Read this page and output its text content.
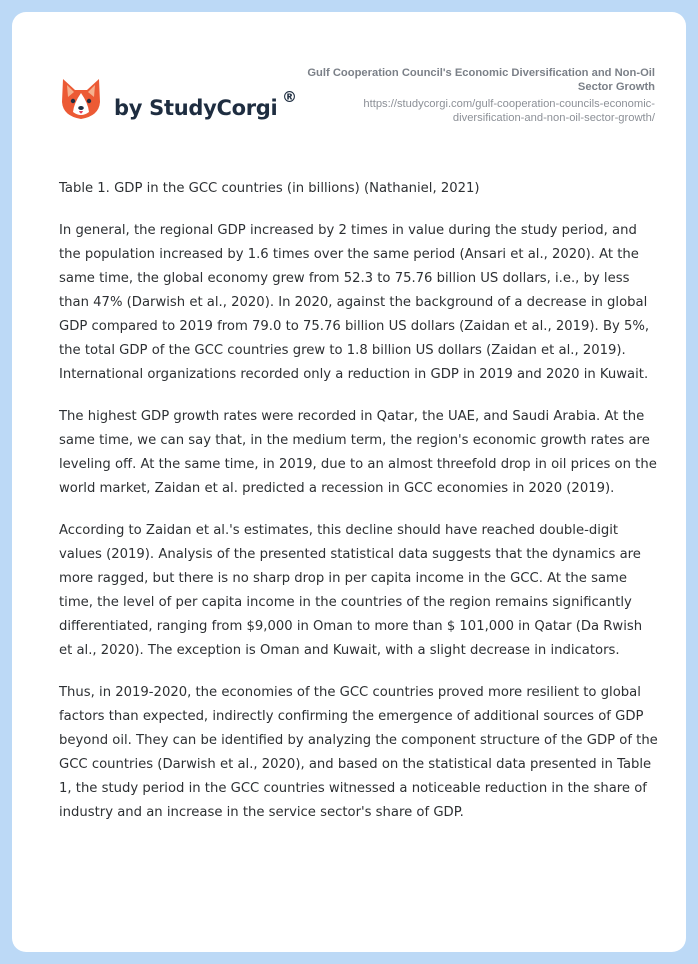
by StudyCorgi ®
Gulf Cooperation Council's Economic Diversification and Non-Oil Sector Growth
https://studycorgi.com/gulf-cooperation-councils-economic-diversification-and-non-oil-sector-growth/

Table 1. GDP in the GCC countries (in billions) (Nathaniel, 2021)

In general, the regional GDP increased by 2 times in value during the study period, and the population increased by 1.6 times over the same period (Ansari et al., 2020). At the same time, the global economy grew from 52.3 to 75.76 billion US dollars, i.e., by less than 47% (Darwish et al., 2020). In 2020, against the background of a decrease in global GDP compared to 2019 from 79.0 to 75.76 billion US dollars (Zaidan et al., 2019). By 5%, the total GDP of the GCC countries grew to 1.8 billion US dollars (Zaidan et al., 2019). International organizations recorded only a reduction in GDP in 2019 and 2020 in Kuwait.

The highest GDP growth rates were recorded in Qatar, the UAE, and Saudi Arabia. At the same time, we can say that, in the medium term, the region's economic growth rates are leveling off. At the same time, in 2019, due to an almost threefold drop in oil prices on the world market, Zaidan et al. predicted a recession in GCC economies in 2020 (2019).

According to Zaidan et al.'s estimates, this decline should have reached double-digit values (2019). Analysis of the presented statistical data suggests that the dynamics are more ragged, but there is no sharp drop in per capita income in the GCC. At the same time, the level of per capita income in the countries of the region remains significantly differentiated, ranging from $9,000 in Oman to more than $ 101,000 in Qatar (Da Rwish et al., 2020). The exception is Oman and Kuwait, with a slight decrease in indicators.

Thus, in 2019-2020, the economies of the GCC countries proved more resilient to global factors than expected, indirectly confirming the emergence of additional sources of GDP beyond oil. They can be identified by analyzing the component structure of the GDP of the GCC countries (Darwish et al., 2020), and based on the statistical data presented in Table 1, the study period in the GCC countries witnessed a noticeable reduction in the share of industry and an increase in the service sector's share of GDP.
